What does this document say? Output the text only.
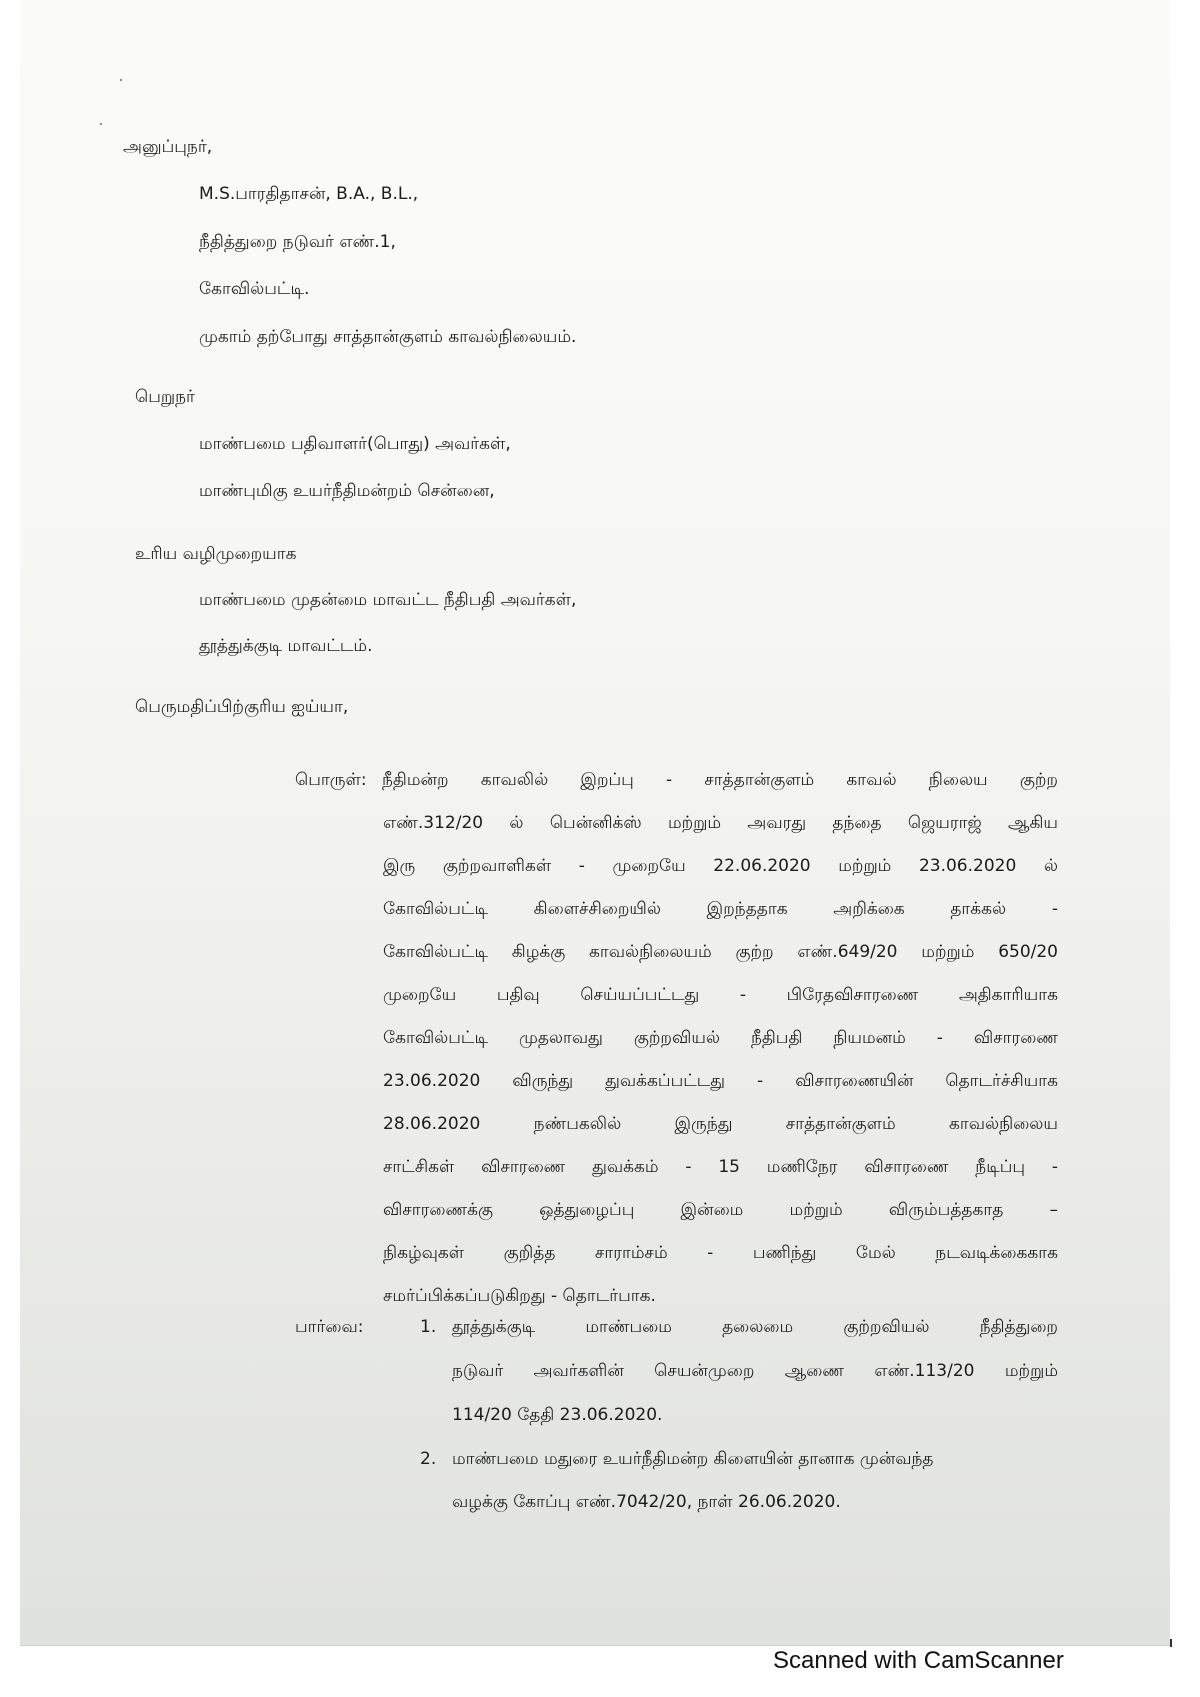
அனுப்புநர்,
M.S.பாரதிதாசன், B.A., B.L.,
நீதித்துறை நடுவர் எண்.1,
கோவில்பட்டி.
முகாம் தற்போது சாத்தான்குளம் காவல்நிலையம்.
பெறுநர்
மாண்பமை பதிவாளர்(பொது) அவர்கள்,
மாண்புமிகு உயர்நீதிமன்றம் சென்னை,
உரிய வழிமுறையாக
மாண்பமை முதன்மை மாவட்ட நீதிபதி அவர்கள்,
தூத்துக்குடி மாவட்டம்.
பெருமதிப்பிற்குரிய ஐய்யா,
பொருள்: நீதிமன்ற காவலில் இறப்பு - சாத்தான்குளம் காவல் நிலைய குற்ற
எண்.312/20 ல் பென்னிக்ஸ் மற்றும் அவரது தந்தை ஜெயராஜ் ஆகிய
இரு குற்றவாளிகள் - முறையே 22.06.2020 மற்றும் 23.06.2020 ல்
கோவில்பட்டி கிளைச்சிறையில் இறந்ததாக அறிக்கை தாக்கல் -
கோவில்பட்டி கிழக்கு காவல்நிலையம் குற்ற எண்.649/20 மற்றும் 650/20
முறையே பதிவு செய்யப்பட்டது - பிரேதவிசாரணை அதிகாரியாக
கோவில்பட்டி முதலாவது குற்றவியல் நீதிபதி நியமனம் - விசாரணை
23.06.2020 விருந்து துவக்கப்பட்டது - விசாரணையின் தொடர்ச்சியாக
28.06.2020 நண்பகலில் இருந்து சாத்தான்குளம் காவல்நிலைய
சாட்சிகள் விசாரணை துவக்கம் - 15 மணிநேர விசாரணை நீடிப்பு -
விசாரணைக்கு ஒத்துழைப்பு இன்மை மற்றும் விரும்பத்தகாத –
நிகழ்வுகள் குறித்த சாராம்சம் - பணிந்து மேல் நடவடிக்கைகாக
சமர்ப்பிக்கப்படுகிறது - தொடர்பாக.
பார்வை:	1. தூத்துக்குடி மாண்பமை தலைமை குற்றவியல் நீதித்துறை
நடுவர் அவர்களின் செயன்முறை ஆணை எண்.113/20 மற்றும்
114/20 தேதி 23.06.2020.
2. மாண்பமை மதுரை உயர்நீதிமன்ற கிளையின் தானாக முன்வந்த
வழக்கு கோப்பு எண்.7042/20, நாள் 26.06.2020.
Scanned with CamScanner
